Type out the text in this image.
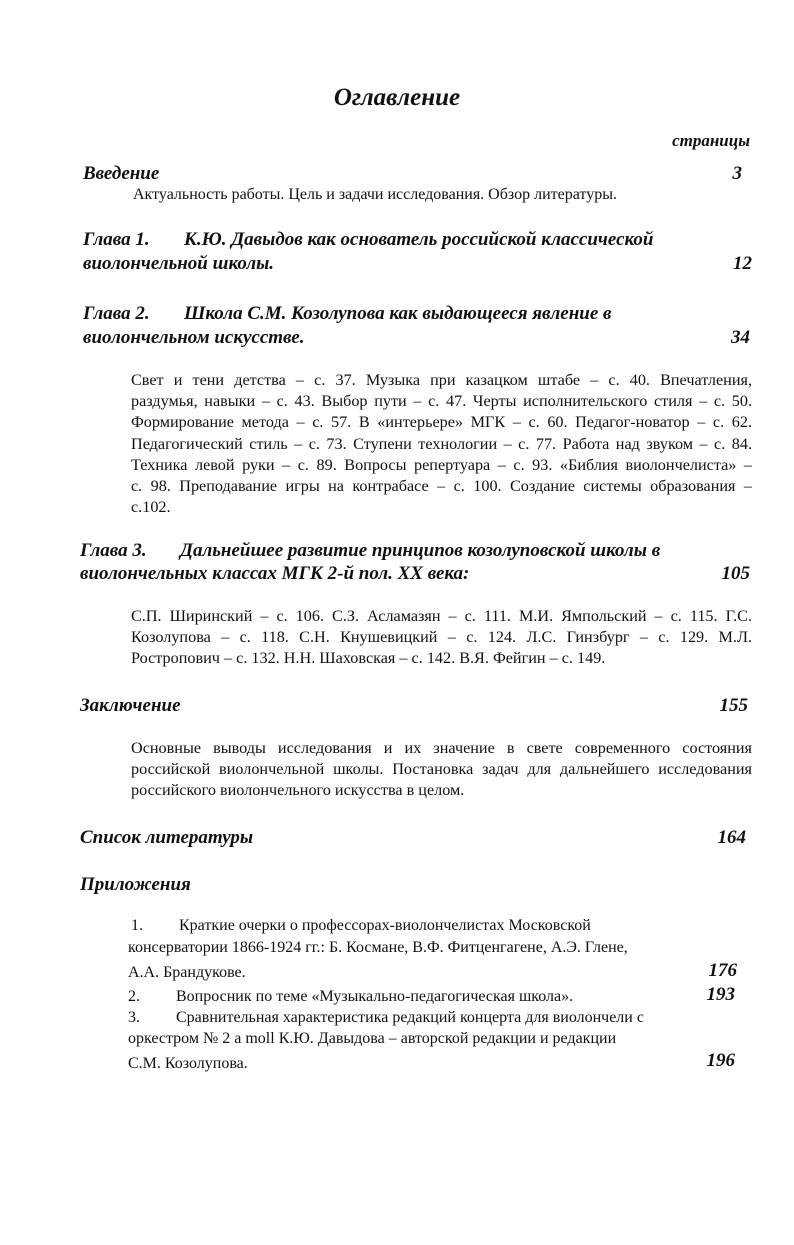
Оглавление
страницы
Введение	3
Актуальность работы. Цель и задачи исследования. Обзор литературы.
Глава 1. К.Ю. Давыдов как основатель российской классической
виолончельной школы.	12
Глава 2. Школа С.М. Козолупова как выдающееся явление в
виолончельном искусстве.	34
Свет и тени детства – с. 37. Музыка при казацком штабе – с. 40. Впечатления,
раздумья, навыки – с. 43. Выбор пути – с. 47. Черты исполнительского стиля – с. 50.
Формирование метода – с. 57. В «интерьере» МГК – с. 60. Педагог-новатор – с. 62.
Педагогический стиль – с. 73. Ступени технологии – с. 77. Работа над звуком – с. 84.
Техника левой руки – с. 89. Вопросы репертуара – с. 93. «Библия виолончелиста» –
с. 98. Преподавание игры на контрабасе – с. 100. Создание системы образования –
с.102.
Глава 3. Дальнейшее развитие принципов козолуповской школы в
виолончельных классах МГК 2-й пол. XX века:	105
С.П. Ширинский – с. 106. С.З. Асламазян – с. 111. М.И. Ямпольский – с. 115. Г.С.
Козолупова – с. 118. С.Н. Кнушевицкий – с. 124. Л.С. Гинзбург – с. 129. М.Л.
Ростропович – с. 132. Н.Н. Шаховская – с. 142. В.Я. Фейгин – с. 149.
Заключение	155
Основные выводы исследования и их значение в свете современного состояния
российской виолончельной школы. Постановка задач для дальнейшего исследования
российского виолончельного искусства в целом.
Список литературы	164
Приложения
1. Краткие очерки о профессорах-виолончелистах Московской
консерватории 1866-1924 гг.: Б. Космане, В.Ф. Фитценгагене, А.Э. Глене,
А.А. Брандукове.	176
2. Вопросник по теме «Музыкально-педагогическая школа».	193
3. Сравнительная характеристика редакций концерта для виолончели с
оркестром № 2 a moll К.Ю. Давыдова – авторской редакции и редакции
С.М. Козолупова.	196
